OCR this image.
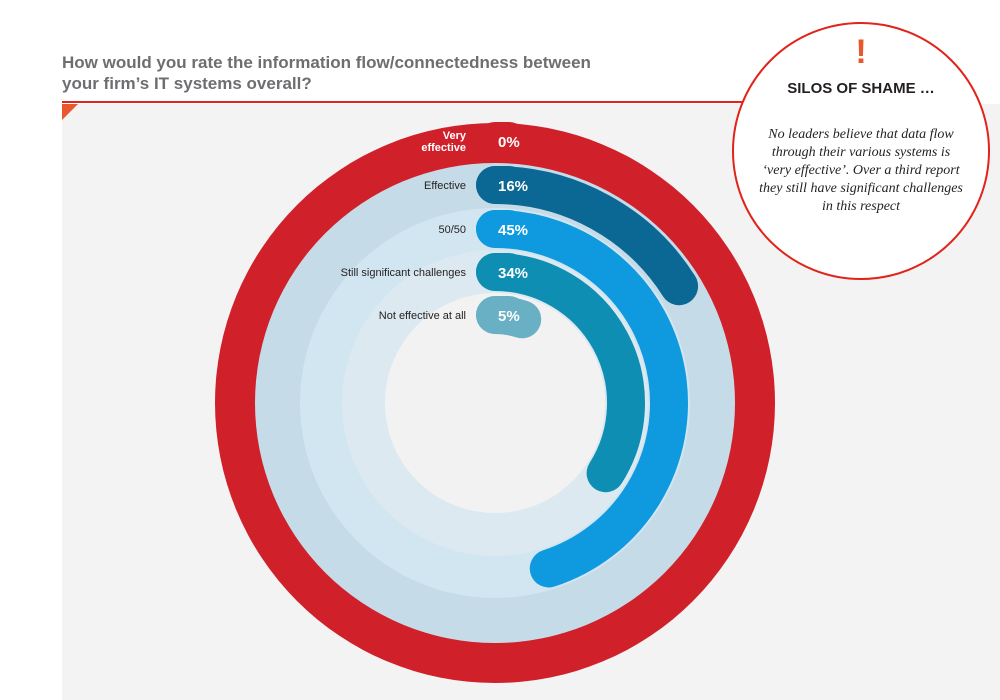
How would you rate the information flow/connectedness between your firm’s IT systems overall?
0%
Very effective
16%
Effective
45%
50/50
34%
Still significant challenges
5%
Not effective at all
!

SILOS OF SHAME …

No leaders believe that data flow through their various systems is ‘very effective’. Over a third report they still have significant challenges in this respect
